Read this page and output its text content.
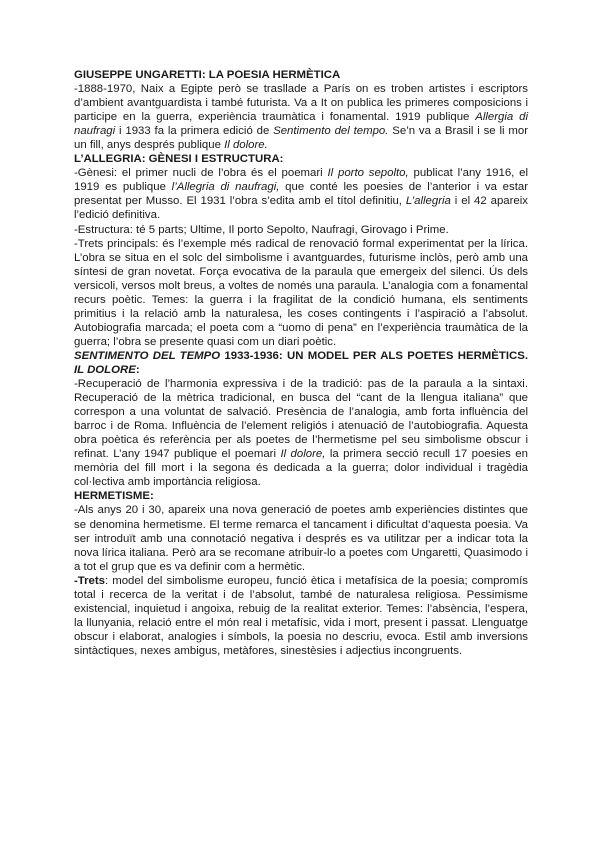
GIUSEPPE UNGARETTI: LA POESIA HERMÈTICA

-1888-1970, Naix a Egipte però se trasllade a París on es troben artistes i escriptors d’ambient avantguardista i també futurista. Va a It on publica les primeres composicions i participe en la guerra, experiència traumàtica i fonamental. 1919 publique Allergia di naufragi i 1933 fa la primera edició de Sentimento del tempo. Se’n va a Brasil i se li mor un fill, anys després publique Il dolore.

L’ALLEGRIA: GÈNESI I ESTRUCTURA:

-Gènesi: el primer nucli de l’obra és el poemari Il porto sepolto, publicat l’any 1916, el 1919 es publique l’Allegria di naufragi, que conté les poesies de l’anterior i va estar presentat per Musso. El 1931 l’obra s’edita amb el títol definitiu, L’allegria i el 42 apareix l’edició definitiva.

-Estructura: té 5 parts; Ultime, Il porto Sepolto, Naufragi, Girovago i Prime.

-Trets principals: és l’exemple més radical de renovació formal experimentat per la lírica. L’obra se situa en el solc del simbolisme i avantguardes, futurisme inclòs, però amb una síntesi de gran novetat. Força evocativa de la paraula que emergeix del silenci. Ús dels versicoli, versos molt breus, a voltes de només una paraula. L’analogia com a fonamental recurs poètic. Temes: la guerra i la fragilitat de la condició humana, els sentiments primitius i la relació amb la naturalesa, les coses contingents i l’aspiració a l’absolut. Autobiografia marcada; el poeta com a “uomo di pena” en l’experiència traumàtica de la guerra; l’obra se presente quasi com un diari poètic.

SENTIMENTO DEL TEMPO 1933-1936: UN MODEL PER ALS POETES HERMÈTICS. IL DOLORE:

-Recuperació de l’harmonia expressiva i de la tradició: pas de la paraula a la sintaxi. Recuperació de la mètrica tradicional, en busca del “cant de la llengua italiana” que correspon a una voluntat de salvació. Presència de l’analogia, amb forta influència del barroc i de Roma. Influència de l’element religiós i atenuació de l’autobiografia. Aquesta obra poètica és referència per als poetes de l’hermetisme pel seu simbolisme obscur i refinat. L’any 1947 publique el poemari Il dolore, la primera secció recull 17 poesies en memòria del fill mort i la segona és dedicada a la guerra; dolor individual i tragèdia col·lectiva amb importància religiosa.

HERMETISME:

-Als anys 20 i 30, apareix una nova generació de poetes amb experiències distintes que se denomina hermetisme. El terme remarca el tancament i dificultat d’aquesta poesia. Va ser introduït amb una connotació negativa i després es va utilitzar per a indicar tota la nova lírica italiana. Però ara se recomane atribuir-lo a poetes com Ungaretti, Quasimodo i a tot el grup que es va definir com a hermètic.

-Trets: model del simbolisme europeu, funció ètica i metafísica de la poesia; compromís total i recerca de la veritat i de l’absolut, també de naturalesa religiosa. Pessimisme existencial, inquietud i angoixa, rebuig de la realitat exterior. Temes: l’absència, l’espera, la llunyania, relació entre el món real i metafísic, vida i mort, present i passat. Llenguatge obscur i elaborat, analogies i símbols, la poesia no descriu, evoca. Estil amb inversions sintàctiques, nexes ambigus, metàfores, sinestèsies i adjectius incongruents.
